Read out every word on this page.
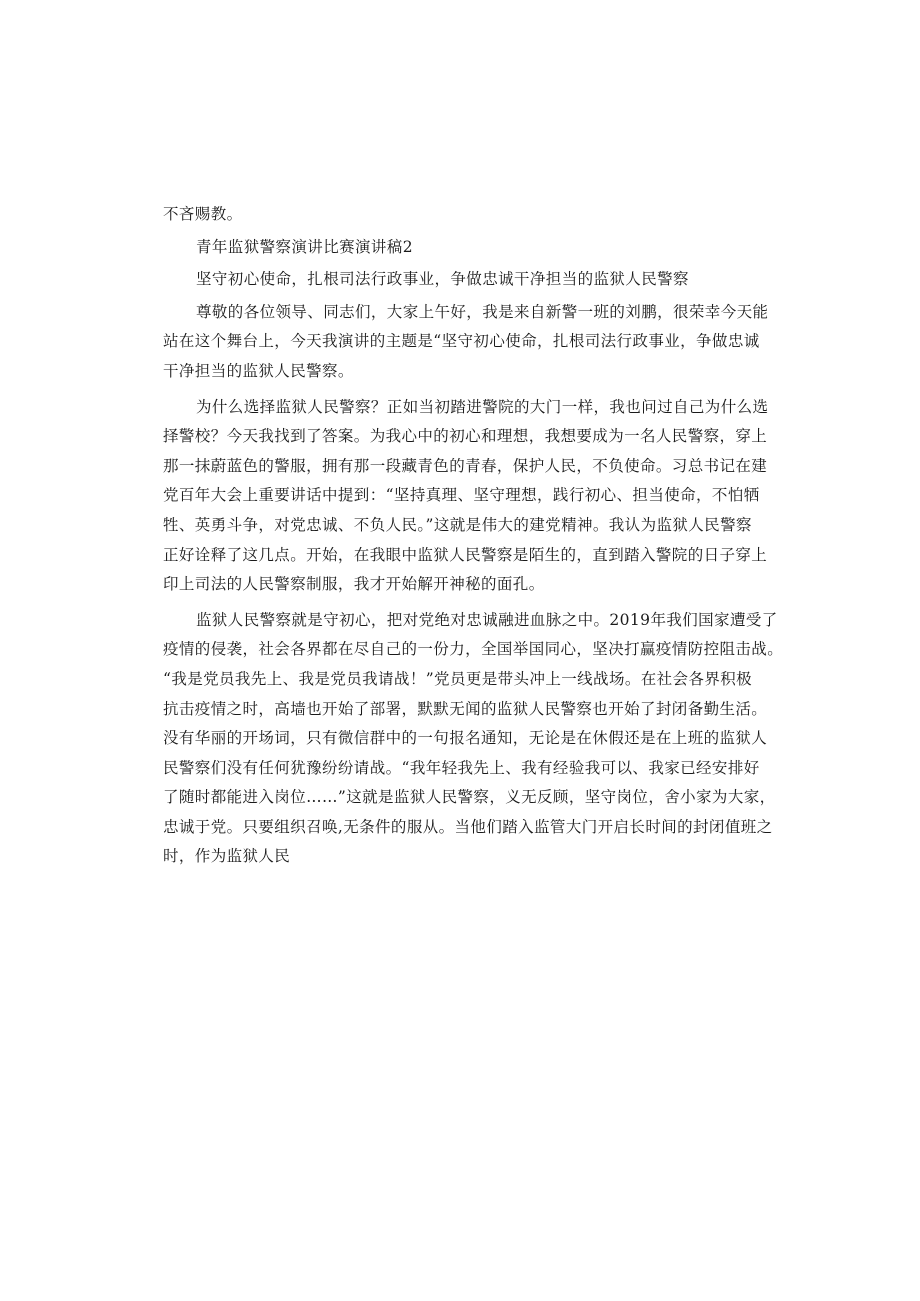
不吝赐教。
青年监狱警察演讲比赛演讲稿2
坚守初心使命，扎根司法行政事业，争做忠诚干净担当的监狱人民警察
尊敬的各位领导、同志们，大家上午好，我是来自新警一班的刘鹏，很荣幸今天能
站在这个舞台上，今天我演讲的主题是“坚守初心使命，扎根司法行政事业，争做忠诚
干净担当的监狱人民警察。
为什么选择监狱人民警察？正如当初踏进警院的大门一样，我也问过自己为什么选
择警校？今天我找到了答案。为我心中的初心和理想，我想要成为一名人民警察，穿上
那一抹蔚蓝色的警服，拥有那一段藏青色的青春，保护人民，不负使命。习总书记在建
党百年大会上重要讲话中提到：“坚持真理、坚守理想，践行初心、担当使命，不怕牺
牲、英勇斗争，对党忠诚、不负人民。”这就是伟大的建党精神。我认为监狱人民警察
正好诠释了这几点。开始，在我眼中监狱人民警察是陌生的，直到踏入警院的日子穿上
印上司法的人民警察制服，我才开始解开神秘的面孔。
监狱人民警察就是守初心，把对党绝对忠诚融进血脉之中。2019年我们国家遭受了
疫情的侵袭，社会各界都在尽自己的一份力，全国举国同心，坚决打赢疫情防控阻击战。
“我是党员我先上、我是党员我请战！”党员更是带头冲上一线战场。在社会各界积极
抗击疫情之时，高墙也开始了部署，默默无闻的监狱人民警察也开始了封闭备勤生活。
没有华丽的开场词，只有微信群中的一句报名通知，无论是在休假还是在上班的监狱人
民警察们没有任何犹豫纷纷请战。“我年轻我先上、我有经验我可以、我家已经安排好
了随时都能进入岗位……”这就是监狱人民警察，义无反顾，坚守岗位，舍小家为大家，
忠诚于党。只要组织召唤,无条件的服从。当他们踏入监管大门开启长时间的封闭值班之
时，作为监狱人民
